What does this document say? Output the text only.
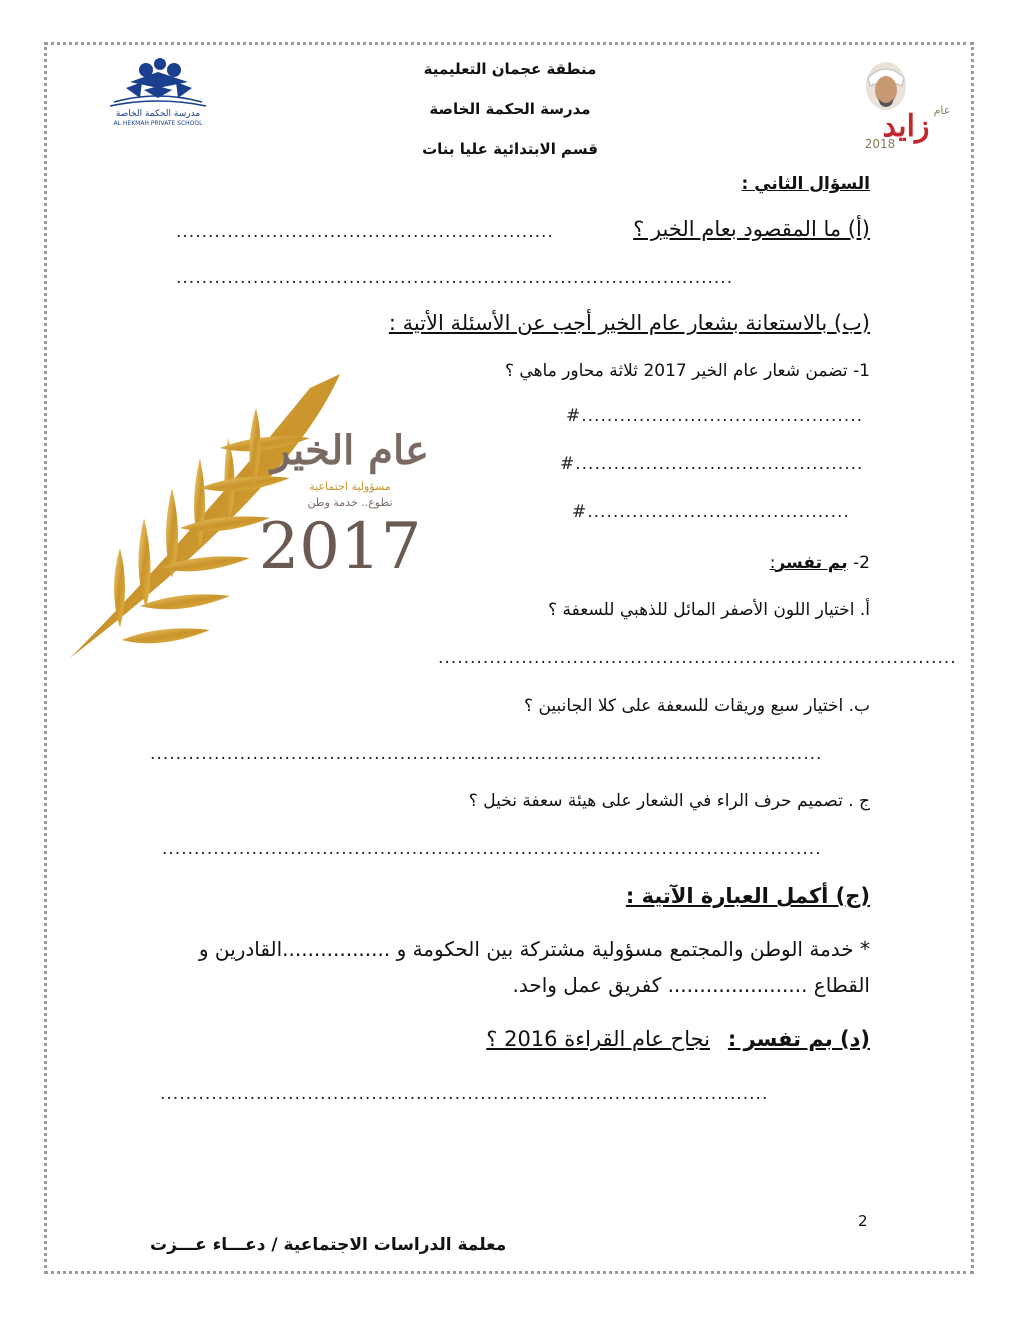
مدرسة الحكمة الخاصة
AL HEKMAH PRIVATE SCHOOL	زايد عام
2018
منطقة عجمان التعليمية
مدرسة الحكمة الخاصة
قسم الابتدائية عليا بنات
السؤال الثاني :
(أ) ما المقصود بعام الخير ؟
...........................................................
.......................................................................................
(ب) بالاستعانة بشعار عام الخير أجب عن الأسئلة الأتية :
1- تضمن شعار عام الخير 2017 ثلاثة محاور ماهي ؟
#............................................
#.............................................
#.........................................
2- بم تفسر:
أ. اختيار اللون الأصفر المائل للذهبي للسعفة ؟
.................................................................................
ب. اختيار سبع وريقات للسعفة على كلا الجانبين ؟
.........................................................................................................
ج . تصميم حرف الراء في الشعار على هيئة سعفة نخيل ؟
.......................................................................................................
(ج) أكمل العبارة الآتية :
* خدمة الوطن والمجتمع مسؤولية مشتركة بين الحكومة و .................القادرين و
القطاع ...................... كفريق عمل واحد.
(د) بم تفسر :
نجاح عام القراءة 2016 ؟
...............................................................................................
2
معلمة الدراسات الاجتماعية / دعـــاء عـــزت
عام الخير
مسؤولية اجتماعية
تطوع.. خدمة وطن
2017
